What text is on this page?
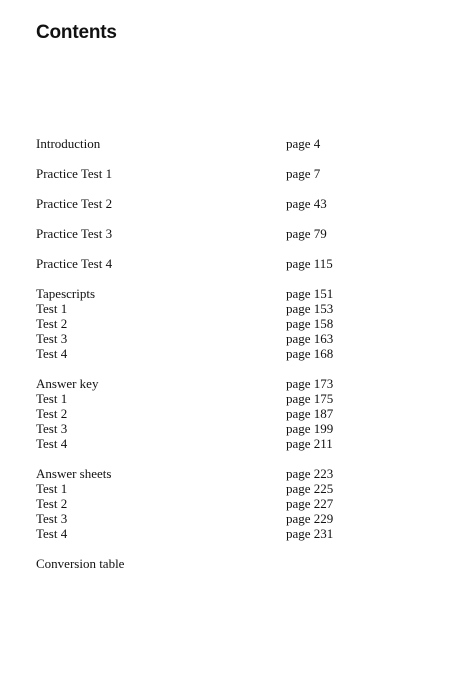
Contents
Introduction	page 4
Practice Test 1	page 7
Practice Test 2	page 43
Practice Test 3	page 79
Practice Test 4	page 115
Tapescripts	page 151
Test 1	page 153
Test 2	page 158
Test 3	page 163
Test 4	page 168
Answer key	page 173
Test 1	page 175
Test 2	page 187
Test 3	page 199
Test 4	page 211
Answer sheets	page 223
Test 1	page 225
Test 2	page 227
Test 3	page 229
Test 4	page 231
Conversion table
